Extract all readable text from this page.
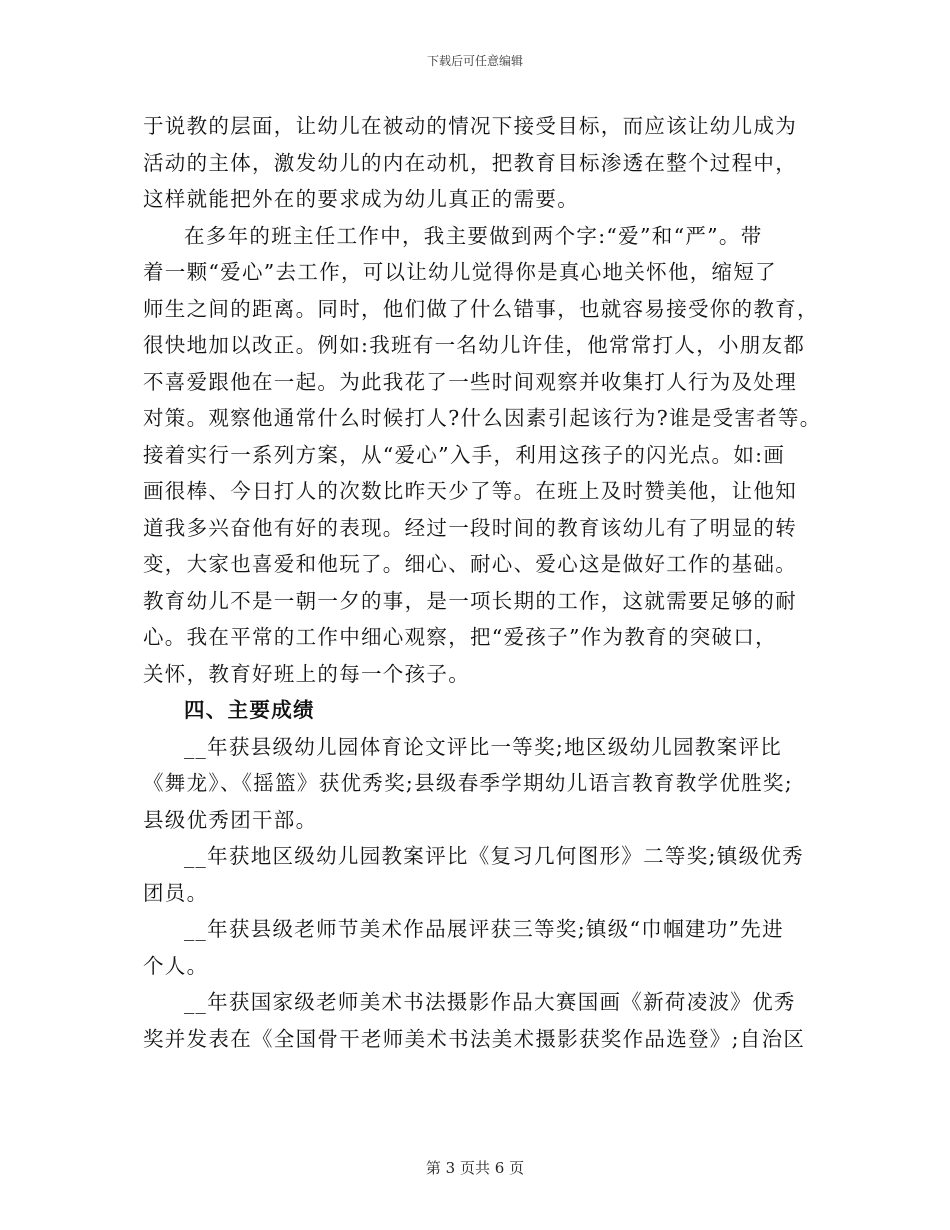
下载后可任意编辑
于说教的层面，让幼儿在被动的情况下接受目标，而应该让幼儿成为
活动的主体，激发幼儿的内在动机，把教育目标渗透在整个过程中，
这样就能把外在的要求成为幼儿真正的需要。
在多年的班主任工作中，我主要做到两个字:“爱”和“严”。带
着一颗“爱心”去工作，可以让幼儿觉得你是真心地关怀他，缩短了
师生之间的距离。同时，他们做了什么错事，也就容易接受你的教育，
很快地加以改正。例如:我班有一名幼儿许佳，他常常打人，小朋友都
不喜爱跟他在一起。为此我花了一些时间观察并收集打人行为及处理
对策。观察他通常什么时候打人?什么因素引起该行为?谁是受害者等。
接着实行一系列方案，从“爱心”入手，利用这孩子的闪光点。如:画
画很棒、今日打人的次数比昨天少了等。在班上及时赞美他，让他知
道我多兴奋他有好的表现。经过一段时间的教育该幼儿有了明显的转
变，大家也喜爱和他玩了。细心、耐心、爱心这是做好工作的基础。
教育幼儿不是一朝一夕的事，是一项长期的工作，这就需要足够的耐
心。我在平常的工作中细心观察，把“爱孩子”作为教育的突破口，
关怀，教育好班上的每一个孩子。
四、主要成绩
__年获县级幼儿园体育论文评比一等奖;地区级幼儿园教案评比
《舞龙》、《摇篮》获优秀奖;县级春季学期幼儿语言教育教学优胜奖;
县级优秀团干部。
__年获地区级幼儿园教案评比《复习几何图形》二等奖;镇级优秀
团员。
__年获县级老师节美术作品展评获三等奖;镇级“巾帼建功”先进
个人。
__年获国家级老师美术书法摄影作品大赛国画《新荷凌波》优秀
奖并发表在《全国骨干老师美术书法美术摄影获奖作品选登》;自治区
第 3 页共 6 页
